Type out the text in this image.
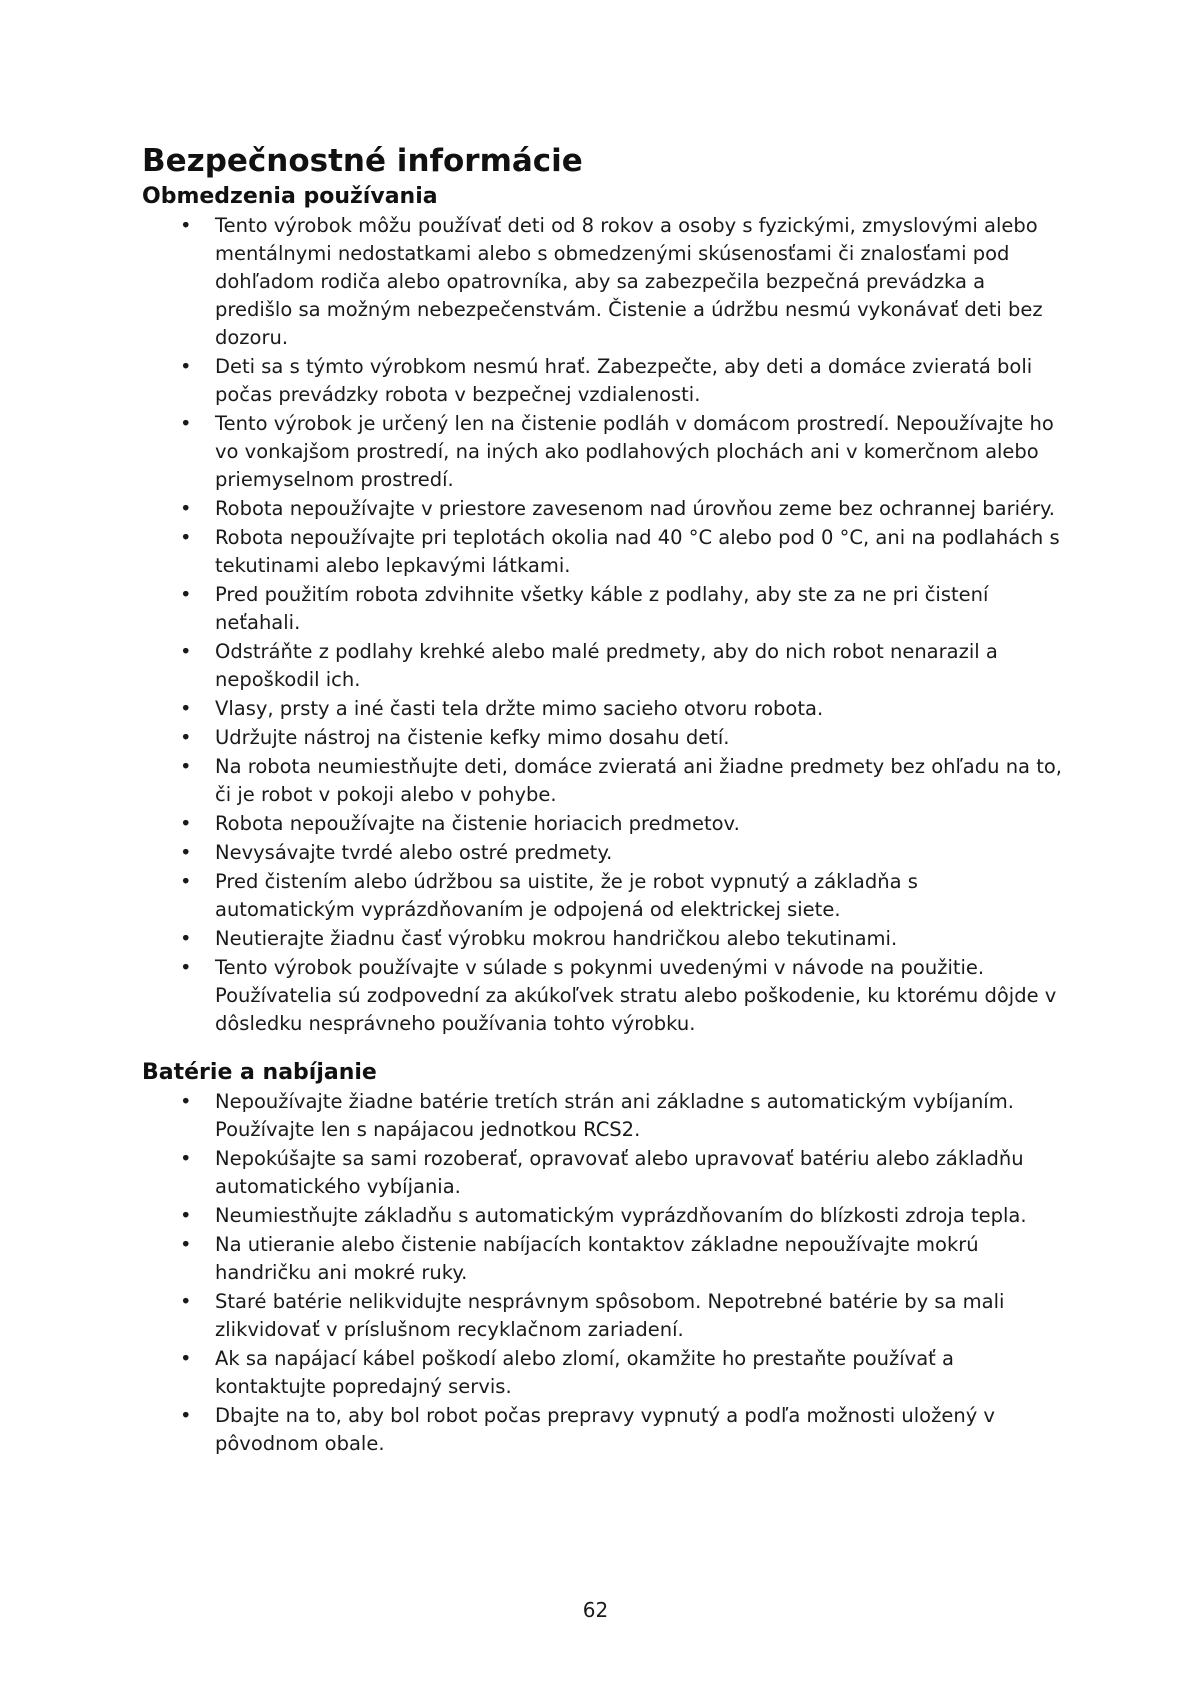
Bezpečnostné informácie
Obmedzenia používania
• Tento výrobok môžu používať deti od 8 rokov a osoby s fyzickými, zmyslovými alebo mentálnymi nedostatkami alebo s obmedzenými skúsenosťami či znalosťami pod dohľadom rodiča alebo opatrovníka, aby sa zabezpečila bezpečná prevádzka a predišlo sa možným nebezpečenstvám. Čistenie a údržbu nesmú vykonávať deti bez dozoru.
• Deti sa s týmto výrobkom nesmú hrať. Zabezpečte, aby deti a domáce zvieratá boli počas prevádzky robota v bezpečnej vzdialenosti.
• Tento výrobok je určený len na čistenie podláh v domácom prostredí. Nepoužívajte ho vo vonkajšom prostredí, na iných ako podlahových plochách ani v komerčnom alebo priemyselnom prostredí.
• Robota nepoužívajte v priestore zavesenom nad úrovňou zeme bez ochrannej bariéry.
• Robota nepoužívajte pri teplotách okolia nad 40 °C alebo pod 0 °C, ani na podlahách s tekutinami alebo lepkavými látkami.
• Pred použitím robota zdvihnite všetky káble z podlahy, aby ste za ne pri čistení neťahali.
• Odstráňte z podlahy krehké alebo malé predmety, aby do nich robot nenarazil a nepoškodil ich.
• Vlasy, prsty a iné časti tela držte mimo sacieho otvoru robota.
• Udržujte nástroj na čistenie kefky mimo dosahu detí.
• Na robota neumiestňujte deti, domáce zvieratá ani žiadne predmety bez ohľadu na to, či je robot v pokoji alebo v pohybe.
• Robota nepoužívajte na čistenie horiacich predmetov.
• Nevysávajte tvrdé alebo ostré predmety.
• Pred čistením alebo údržbou sa uistite, že je robot vypnutý a základňa s automatickým vyprázdňovaním je odpojená od elektrickej siete.
• Neutierajte žiadnu časť výrobku mokrou handričkou alebo tekutinami.
• Tento výrobok používajte v súlade s pokynmi uvedenými v návode na použitie. Používatelia sú zodpovední za akúkoľvek stratu alebo poškodenie, ku ktorému dôjde v dôsledku nesprávneho používania tohto výrobku.
Batérie a nabíjanie
• Nepoužívajte žiadne batérie tretích strán ani základne s automatickým vybíjaním. Používajte len s napájacou jednotkou RCS2.
• Nepokúšajte sa sami rozoberať, opravovať alebo upravovať batériu alebo základňu automatického vybíjania.
• Neumiestňujte základňu s automatickým vyprázdňovaním do blízkosti zdroja tepla.
• Na utieranie alebo čistenie nabíjacích kontaktov základne nepoužívajte mokrú handričku ani mokré ruky.
• Staré batérie nelikvidujte nesprávnym spôsobom. Nepotrebné batérie by sa mali zlikvidovať v príslušnom recyklačnom zariadení.
• Ak sa napájací kábel poškodí alebo zlomí, okamžite ho prestaňte používať a kontaktujte popredajný servis.
• Dbajte na to, aby bol robot počas prepravy vypnutý a podľa možnosti uložený v pôvodnom obale.
62
